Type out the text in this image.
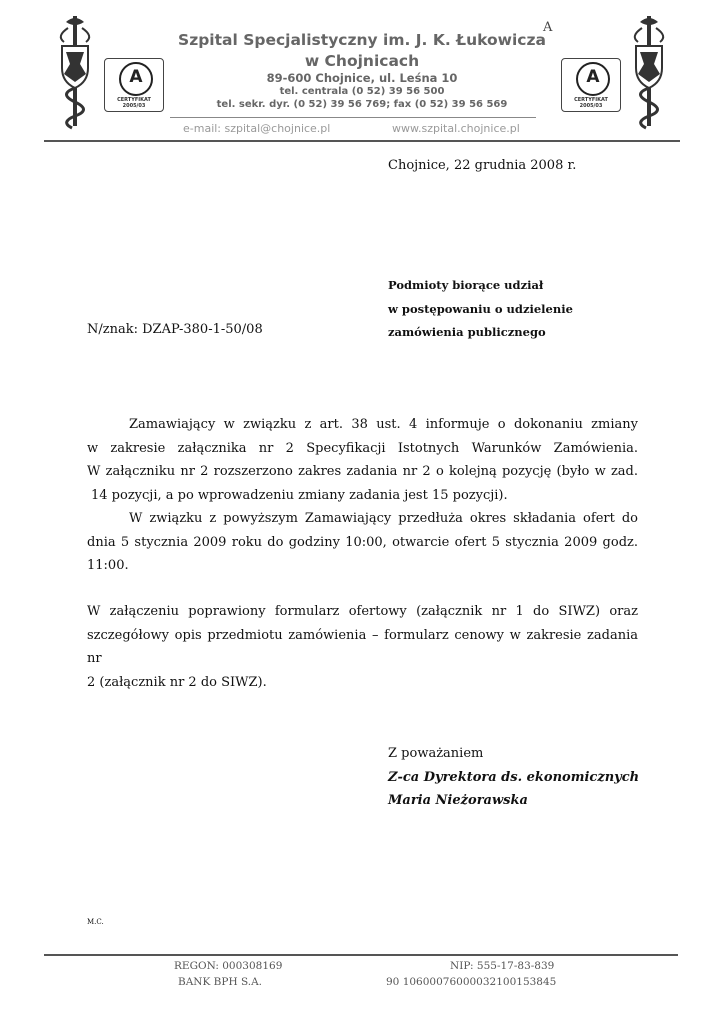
A
CERTYFIKAT 2005/03
A
CERTYFIKAT 2005/03
Szpital Specjalistyczny im. J. K. Łukowicza
A
w Chojnicach
89-600 Chojnice, ul. Leśna 10
tel. centrala (0 52) 39 56 500
tel. sekr. dyr. (0 52) 39 56 769; fax (0 52) 39 56 569
e-mail: szpital@chojnice.pl	www.szpital.chojnice.pl
Chojnice, 22 grudnia 2008 r.
Podmioty biorące udział
w postępowaniu o udzielenie
zamówienia publicznego
N/znak: DZAP-380-1-50/08

Zamawiający w związku z art. 38 ust. 4 informuje o dokonaniu zmiany

w zakresie załącznika nr 2 Specyfikacji Istotnych Warunków Zamówienia.

W załączniku nr 2 rozszerzono zakres zadania nr 2 o kolejną pozycję (było w zad.

14 pozycji, a po wprowadzeniu zmiany zadania jest 15 pozycji).

W związku z powyższym Zamawiający przedłuża okres składania ofert do

dnia 5 stycznia 2009 roku do godziny 10:00, otwarcie ofert 5 stycznia 2009 godz.

11:00.

W załączeniu poprawiony formularz ofertowy (załącznik nr 1 do SIWZ) oraz

szczegółowy opis przedmiotu zamówienia – formularz cenowy w zakresie zadania nr

2 (załącznik nr 2 do SIWZ).

Z poważaniem
Z-ca Dyrektora ds. ekonomicznych
Maria Nieżorawska
M.C.
REGON: 000308169	NIP: 555-17-83-839
BANK BPH S.A.	90 10600076000032100153845
